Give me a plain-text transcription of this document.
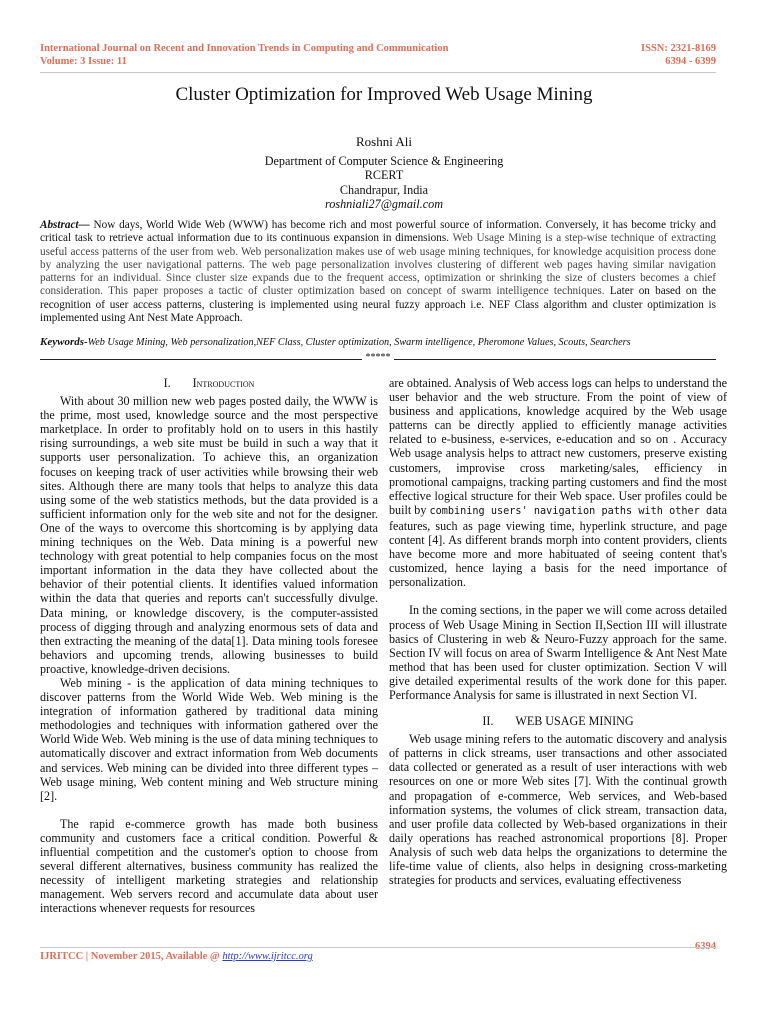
International Journal on Recent and Innovation Trends in Computing and Communication
Volume: 3 Issue: 11
ISSN: 2321-8169
6394 - 6399
Cluster Optimization for Improved Web Usage Mining
Roshni Ali
Department of Computer Science & Engineering
RCERT
Chandrapur, India
roshniali27@gmail.com
Abstract— Now days, World Wide Web (WWW) has become rich and most powerful source of information. Conversely, it has become tricky and critical task to retrieve actual information due to its continuous expansion in dimensions. Web Usage Mining is a step-wise technique of extracting useful access patterns of the user from web. Web personalization makes use of web usage mining techniques, for knowledge acquisition process done by analyzing the user navigational patterns. The web page personalization involves clustering of different web pages having similar navigation patterns for an individual. Since cluster size expands due to the frequent access, optimization or shrinking the size of clusters becomes a chief consideration. This paper proposes a tactic of cluster optimization based on concept of swarm intelligence techniques. Later on based on the recognition of user access patterns, clustering is implemented using neural fuzzy approach i.e. NEF Class algorithm and cluster optimization is implemented using Ant Nest Mate Approach.
Keywords-Web Usage Mining, Web personalization,NEF Class, Cluster optimization, Swarm intelligence, Pheromone Values, Scouts, Searchers
*****

I. Introduction

With about 30 million new web pages posted daily, the WWW is the prime, most used, knowledge source and the most perspective marketplace. In order to profitably hold on to users in this hastily rising surroundings, a web site must be build in such a way that it supports user personalization. To achieve this, an organization focuses on keeping track of user activities while browsing their web sites. Although there are many tools that helps to analyze this data using some of the web statistics methods, but the data provided is a sufficient information only for the web site and not for the designer. One of the ways to overcome this shortcoming is by applying data mining techniques on the Web. Data mining is a powerful new technology with great potential to help companies focus on the most important information in the data they have collected about the behavior of their potential clients. It identifies valued information within the data that queries and reports can't successfully divulge. Data mining, or knowledge discovery, is the computer-assisted process of digging through and analyzing enormous sets of data and then extracting the meaning of the data[1]. Data mining tools foresee behaviors and upcoming trends, allowing businesses to build proactive, knowledge-driven decisions.

Web mining - is the application of data mining techniques to discover patterns from the World Wide Web. Web mining is the integration of information gathered by traditional data mining methodologies and techniques with information gathered over the World Wide Web. Web mining is the use of data mining techniques to automatically discover and extract information from Web documents and services. Web mining can be divided into three different types – Web usage mining, Web content mining and Web structure mining [2].

The rapid e-commerce growth has made both business community and customers face a critical condition. Powerful & influential competition and the customer's option to choose from several different alternatives, business community has realized the necessity of intelligent marketing strategies and relationship management. Web servers record and accumulate data about user interactions whenever requests for resources

are obtained. Analysis of Web access logs can helps to understand the user behavior and the web structure. From the point of view of business and applications, knowledge acquired by the Web usage patterns can be directly applied to efficiently manage activities related to e-business, e-services, e-education and so on . Accuracy Web usage analysis helps to attract new customers, preserve existing customers, improvise cross marketing/sales, efficiency in promotional campaigns, tracking parting customers and find the most effective logical structure for their Web space. User profiles could be built by combining users' navigation paths with other data features, such as page viewing time, hyperlink structure, and page content [4]. As different brands morph into content providers, clients have become more and more habituated of seeing content that's customized, hence laying a basis for the need importance of personalization.

In the coming sections, in the paper we will come across detailed process of Web Usage Mining in Section II,Section III will illustrate basics of Clustering in web & Neuro-Fuzzy approach for the same. Section IV will focus on area of Swarm Intelligence & Ant Nest Mate method that has been used for cluster optimization. Section V will give detailed experimental results of the work done for this paper. Performance Analysis for same is illustrated in next Section VI.

II. WEB USAGE MINING

Web usage mining refers to the automatic discovery and analysis of patterns in click streams, user transactions and other associated data collected or generated as a result of user interactions with web resources on one or more Web sites [7]. With the continual growth and propagation of e-commerce, Web services, and Web-based information systems, the volumes of click stream, transaction data, and user profile data collected by Web-based organizations in their daily operations has reached astronomical proportions [8]. Proper Analysis of such web data helps the organizations to determine the life-time value of clients, also helps in designing cross-marketing strategies for products and services, evaluating effectiveness

6394
IJRITCC | November 2015, Available @ http://www.ijritcc.org
